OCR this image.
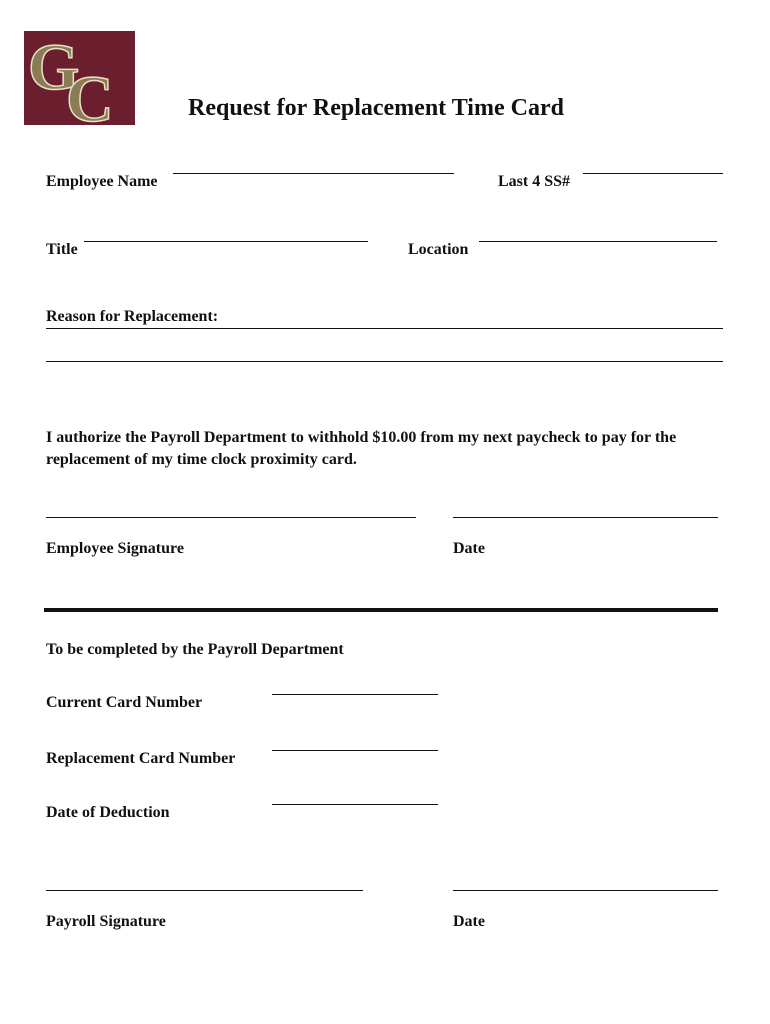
G
C	Request for Replacement Time Card
Employee Name	Last 4 SS#
Title	Location
Reason for Replacement:
I authorize the Payroll Department to withhold $10.00 from my next paycheck to pay for the replacement of my time clock proximity card.
Employee Signature	Date
To be completed by the Payroll Department
Current Card Number
Replacement Card Number
Date of Deduction
Payroll Signature	Date
